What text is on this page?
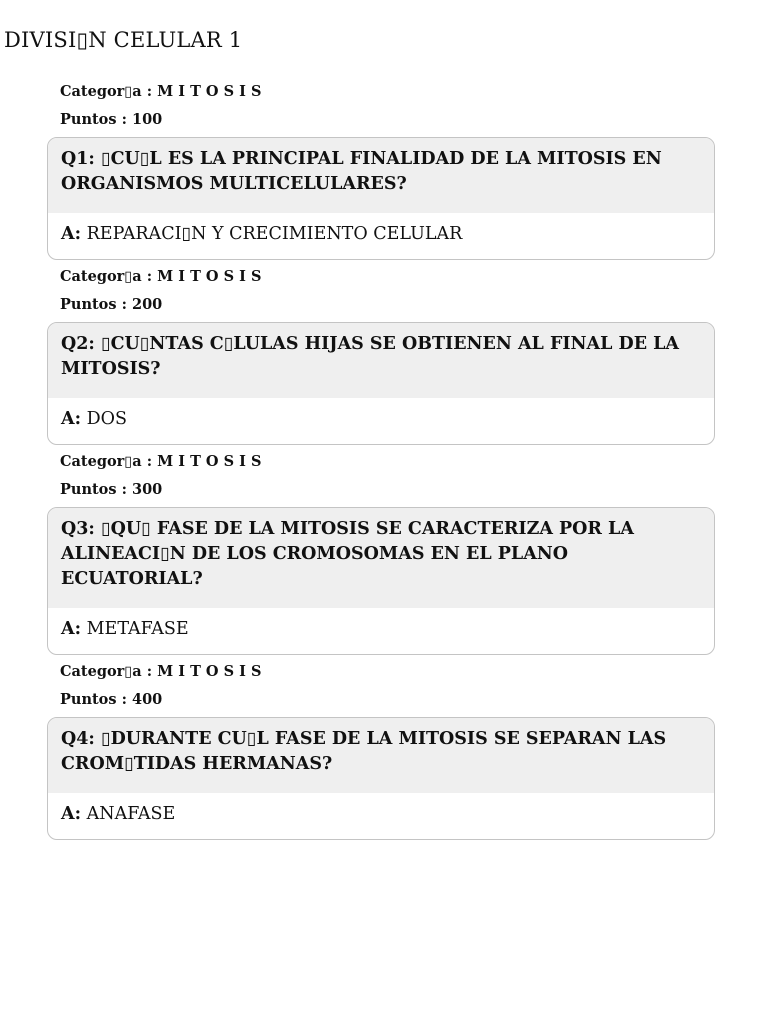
DIVISI▯N CELULAR 1
Categor▯a : M I T O S I S
Puntos : 100
Q1: ▯CU▯L ES LA PRINCIPAL FINALIDAD DE LA MITOSIS EN ORGANISMOS MULTICELULARES?
A: REPARACI▯N Y CRECIMIENTO CELULAR
Categor▯a : M I T O S I S
Puntos : 200
Q2: ▯CU▯NTAS C▯LULAS HIJAS SE OBTIENEN AL FINAL DE LA MITOSIS?
A: DOS
Categor▯a : M I T O S I S
Puntos : 300
Q3: ▯QU▯ FASE DE LA MITOSIS SE CARACTERIZA POR LA ALINEACI▯N DE LOS CROMOSOMAS EN EL PLANO ECUATORIAL?
A: METAFASE
Categor▯a : M I T O S I S
Puntos : 400
Q4: ▯DURANTE CU▯L FASE DE LA MITOSIS SE SEPARAN LAS CROM▯TIDAS HERMANAS?
A: ANAFASE
